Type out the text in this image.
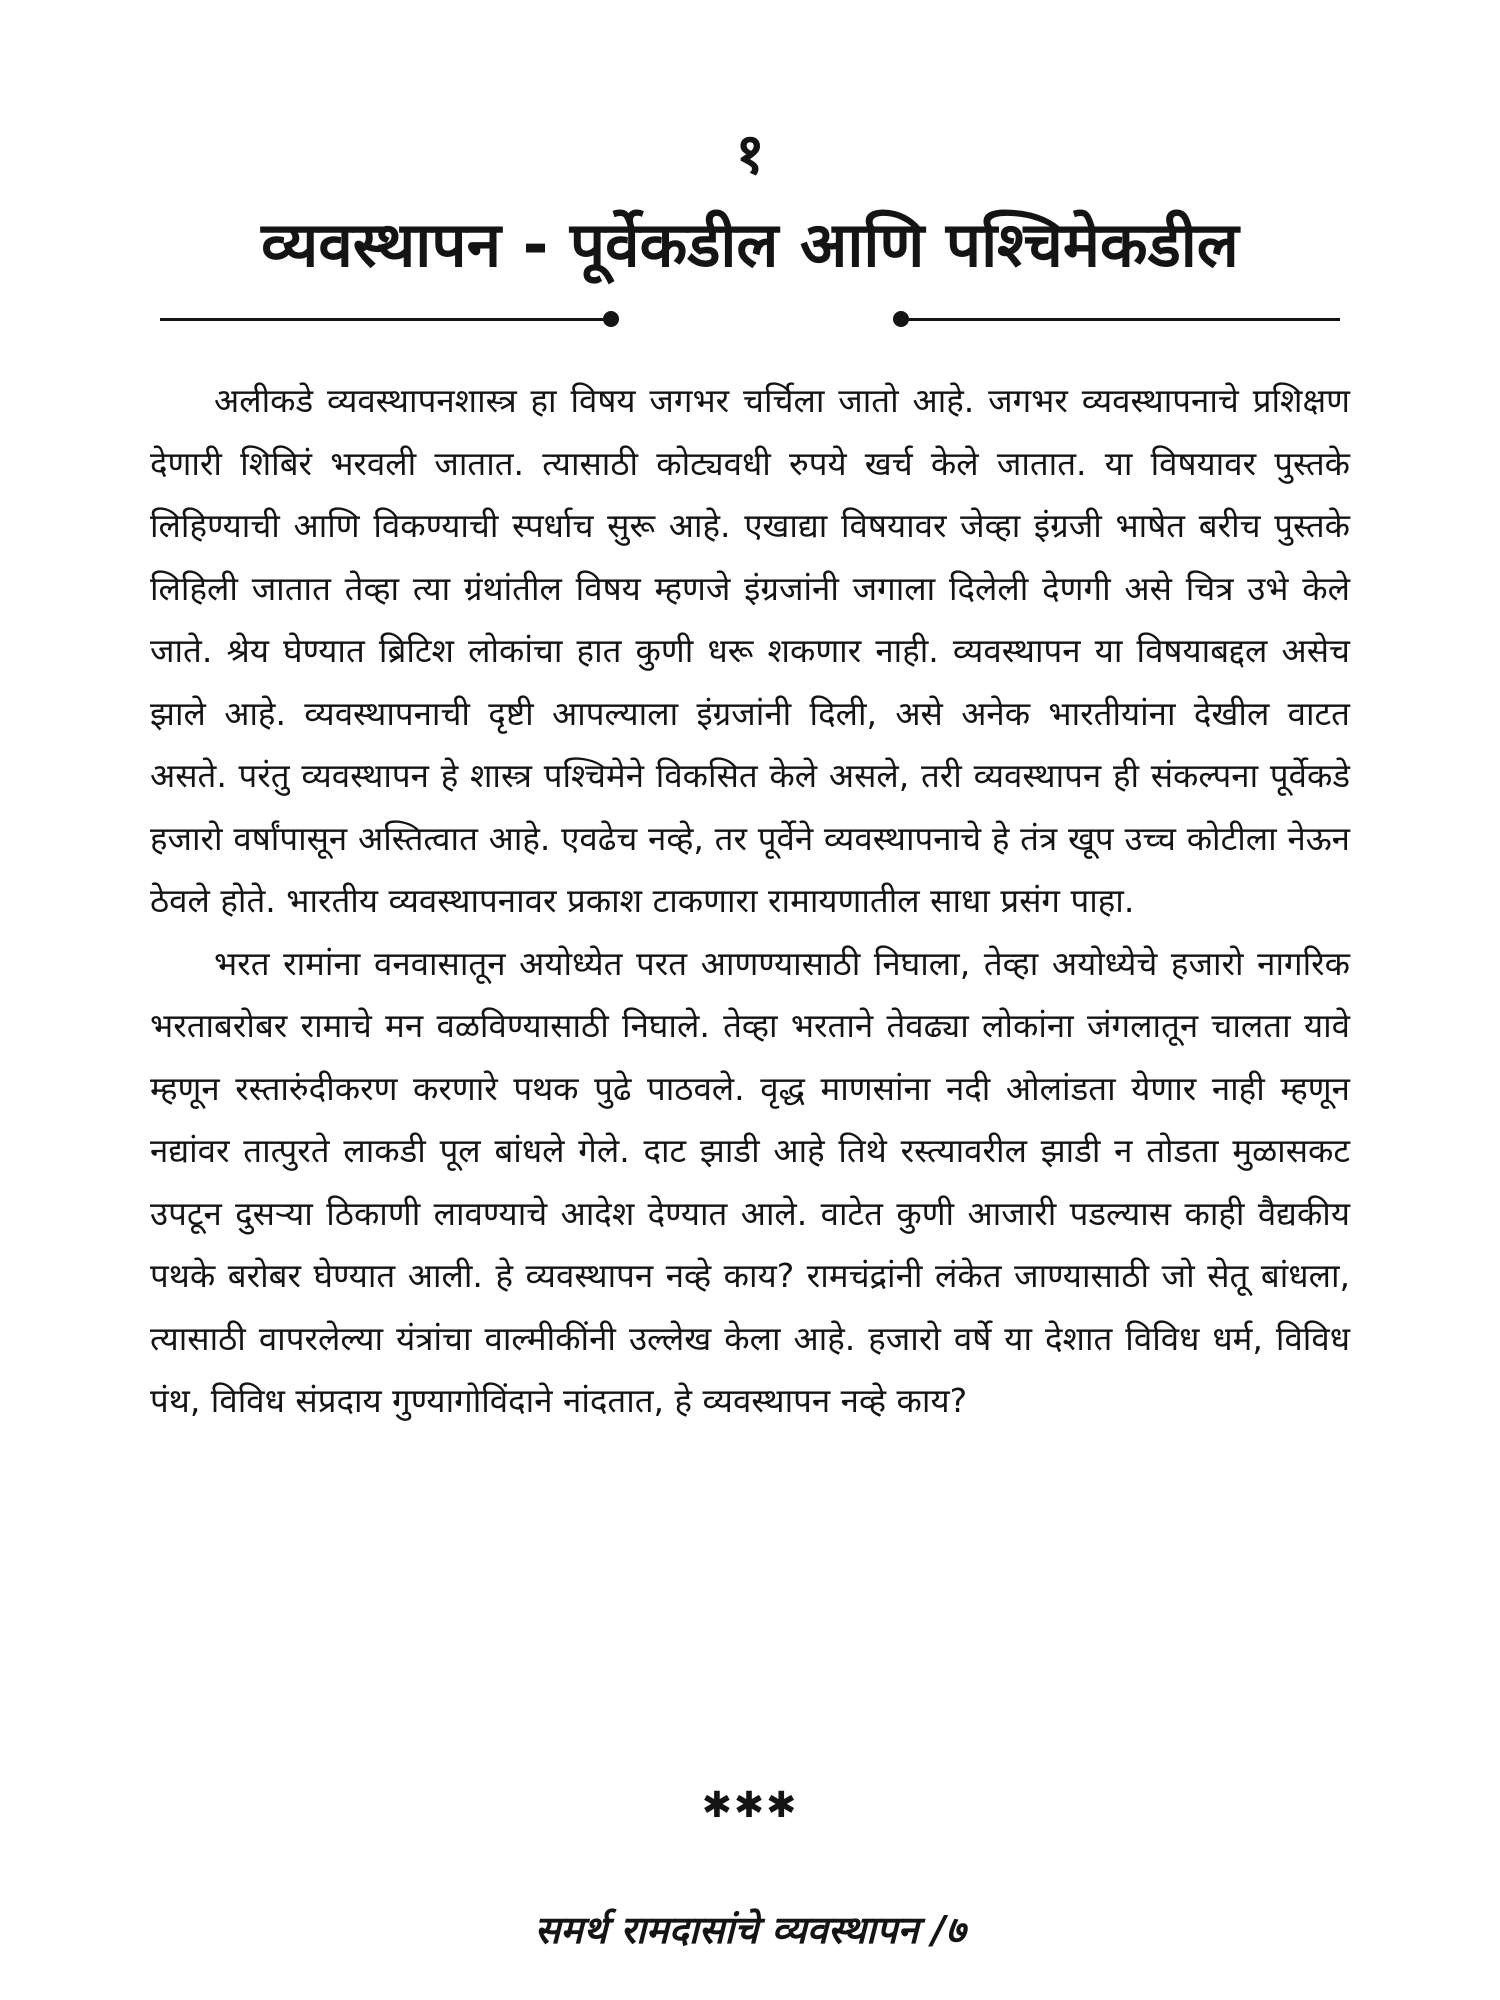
१
व्यवस्थापन - पूर्वेकडील आणि पश्चिमेकडील

अलीकडे व्यवस्थापनशास्त्र हा विषय जगभर चर्चिला जातो आहे. जगभर व्यवस्थापनाचे प्रशिक्षण देणारी शिबिरं भरवली जातात. त्यासाठी कोट्यवधी रुपये खर्च केले जातात. या विषयावर पुस्तके लिहिण्याची आणि विकण्याची स्पर्धाच सुरू आहे. एखाद्या विषयावर जेव्हा इंग्रजी भाषेत बरीच पुस्तके लिहिली जातात तेव्हा त्या ग्रंथांतील विषय म्हणजे इंग्रजांनी जगाला दिलेली देणगी असे चित्र उभे केले जाते. श्रेय घेण्यात ब्रिटिश लोकांचा हात कुणी धरू शकणार नाही. व्यवस्थापन या विषयाबद्दल असेच झाले आहे. व्यवस्थापनाची दृष्टी आपल्याला इंग्रजांनी दिली, असे अनेक भारतीयांना देखील वाटत असते. परंतु व्यवस्थापन हे शास्त्र पश्चिमेने विकसित केले असले, तरी व्यवस्थापन ही संकल्पना पूर्वेकडे हजारो वर्षांपासून अस्तित्वात आहे. एवढेच नव्हे, तर पूर्वेने व्यवस्थापनाचे हे तंत्र खूप उच्च कोटीला नेऊन ठेवले होते. भारतीय व्यवस्थापनावर प्रकाश टाकणारा रामायणातील साधा प्रसंग पाहा.

भरत रामांना वनवासातून अयोध्येत परत आणण्यासाठी निघाला, तेव्हा अयोध्येचे हजारो नागरिक भरताबरोबर रामाचे मन वळविण्यासाठी निघाले. तेव्हा भरताने तेवढ्या लोकांना जंगलातून चालता यावे म्हणून रस्तारुंदीकरण करणारे पथक पुढे पाठवले. वृद्ध माणसांना नदी ओलांडता येणार नाही म्हणून नद्यांवर तात्पुरते लाकडी पूल बांधले गेले. दाट झाडी आहे तिथे रस्त्यावरील झाडी न तोडता मुळासकट उपटून दुसऱ्या ठिकाणी लावण्याचे आदेश देण्यात आले. वाटेत कुणी आजारी पडल्यास काही वैद्यकीय पथके बरोबर घेण्यात आली. हे व्यवस्थापन नव्हे काय? रामचंद्रांनी लंकेत जाण्यासाठी जो सेतू बांधला, त्यासाठी वापरलेल्या यंत्रांचा वाल्मीकींनी उल्लेख केला आहे. हजारो वर्षे या देशात विविध धर्म, विविध पंथ, विविध संप्रदाय गुण्यागोविंदाने नांदतात, हे व्यवस्थापन नव्हे काय?

✱✱✱
समर्थ रामदासांचे व्यवस्थापन /७
